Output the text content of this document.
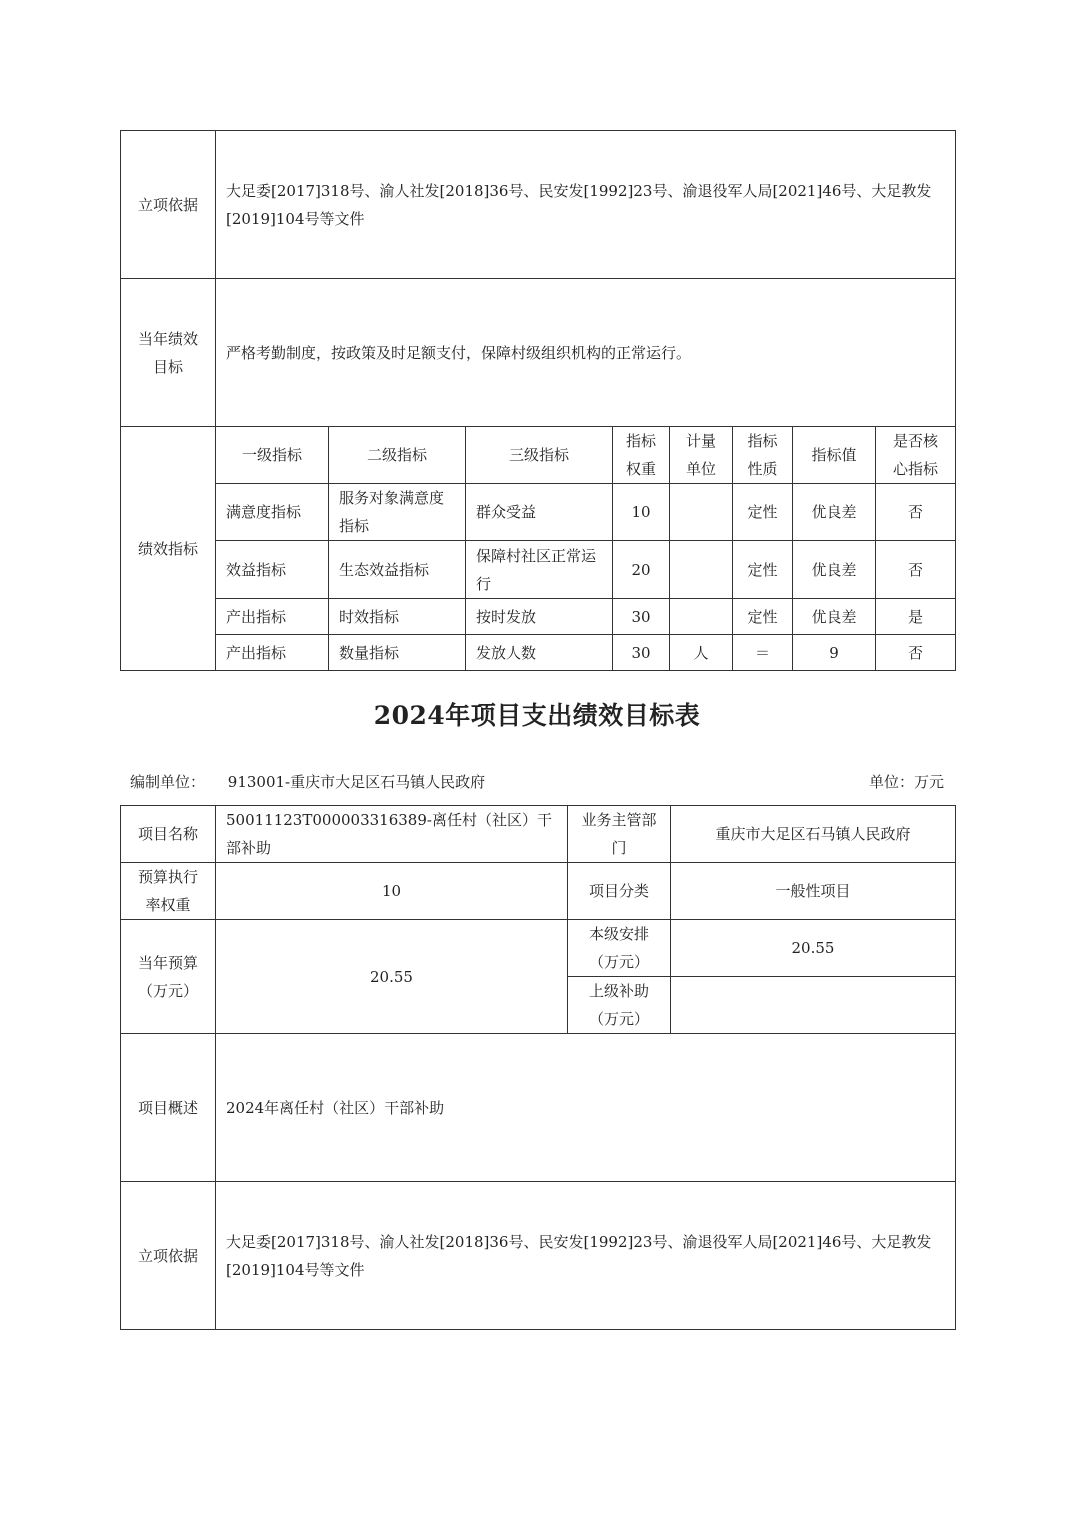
立项依据	大足委[2017]318号、渝人社发[2018]36号、民安发[1992]23号、渝退役军人局[2021]46号、大足教发[2019]104号等文件							
当年绩效目标	严格考勤制度，按政策及时足额支付，保障村级组织机构的正常运行。							
绩效指标	一级指标	二级指标	三级指标	指标权重	计量单位	指标性质	指标值	是否核心指标
	满意度指标	服务对象满意度指标	群众受益	10		定性	优良差	否
	效益指标	生态效益指标	保障村社区正常运行	20		定性	优良差	否
	产出指标	时效指标	按时发放	30		定性	优良差	是
	产出指标	数量指标	发放人数	30	人	＝	9	否
2024年项目支出绩效目标表
编制单位： 913001-重庆市大足区石马镇人民政府	单位：万元
项目名称	50011123T000003316389-离任村（社区）干部补助	业务主管部门	重庆市大足区石马镇人民政府
预算执行率权重	10	项目分类	一般性项目
当年预算（万元）	20.55	本级安排（万元）	20.55
		上级补助（万元）	
项目概述	2024年离任村（社区）干部补助		
立项依据	大足委[2017]318号、渝人社发[2018]36号、民安发[1992]23号、渝退役军人局[2021]46号、大足教发[2019]104号等文件		
